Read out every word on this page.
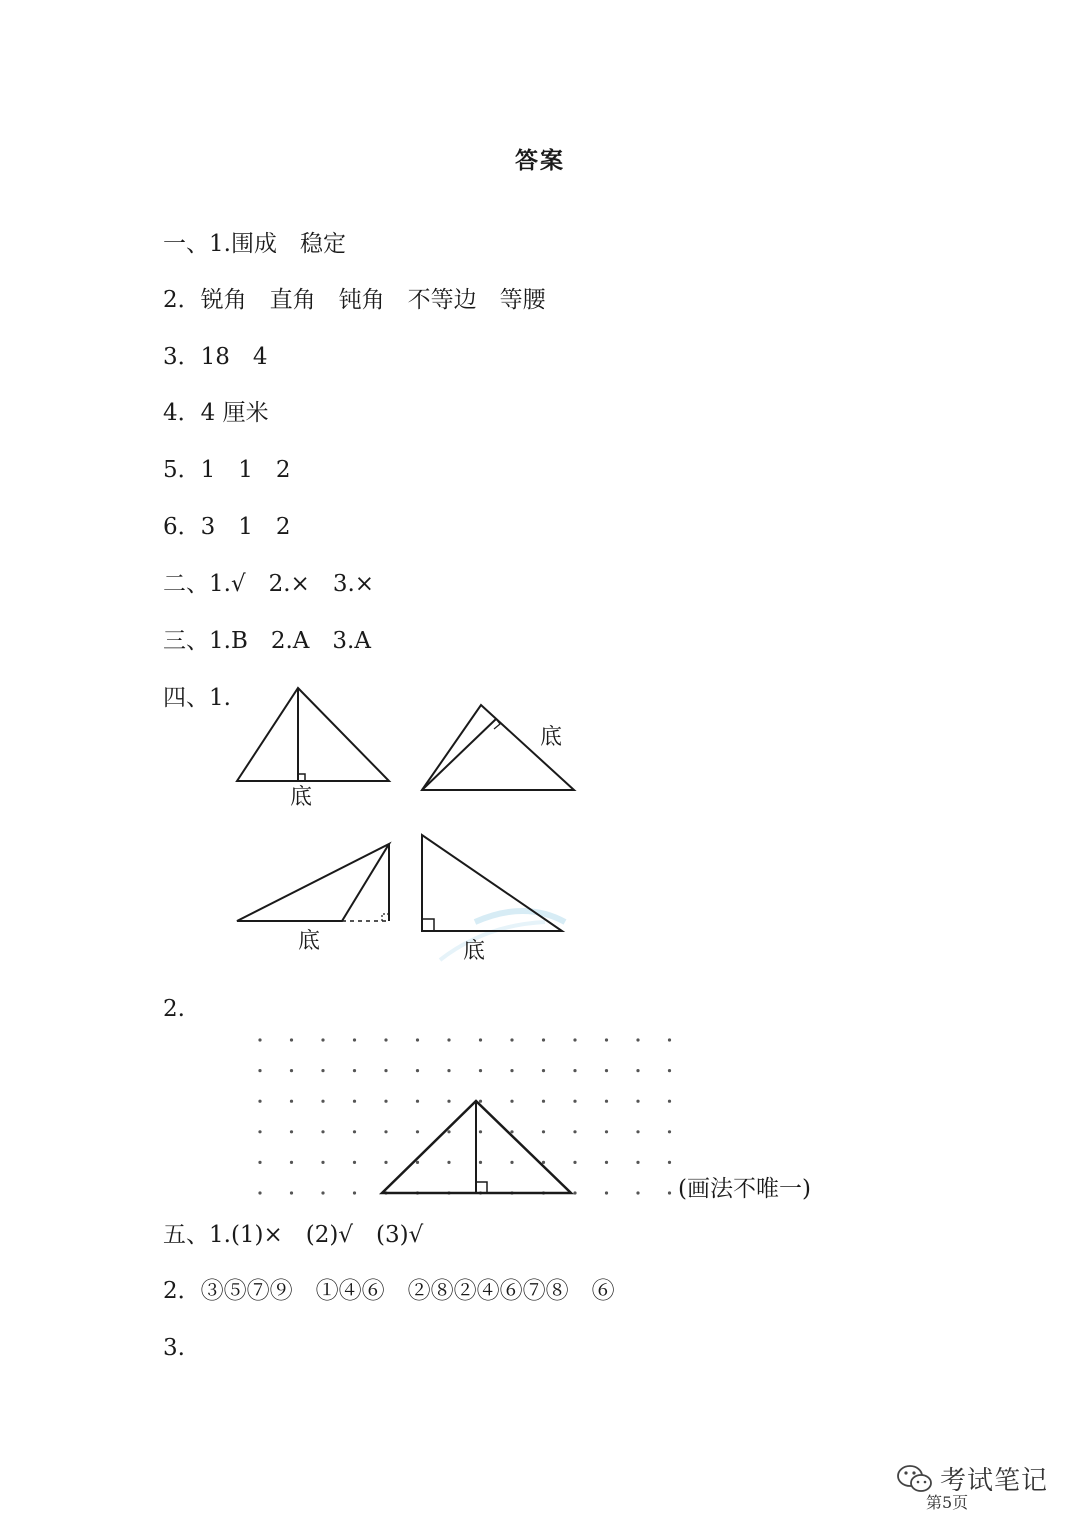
答案
一、1.围成　稳定
2．锐角　直角　钝角　不等边　等腰
3．18　4
4．4 厘米
5．1　1　2
6．3　1　2
二、1.√　2.×　3.×
三、1.B　2.A　3.A
四、1.
底
底
底	底
2.
(画法不唯一)
五、1.(1)×　(2)√　(3)√
2．③⑤⑦⑨　①④⑥　②⑧②④⑥⑦⑧　⑥
3.
考试笔记
第5页
